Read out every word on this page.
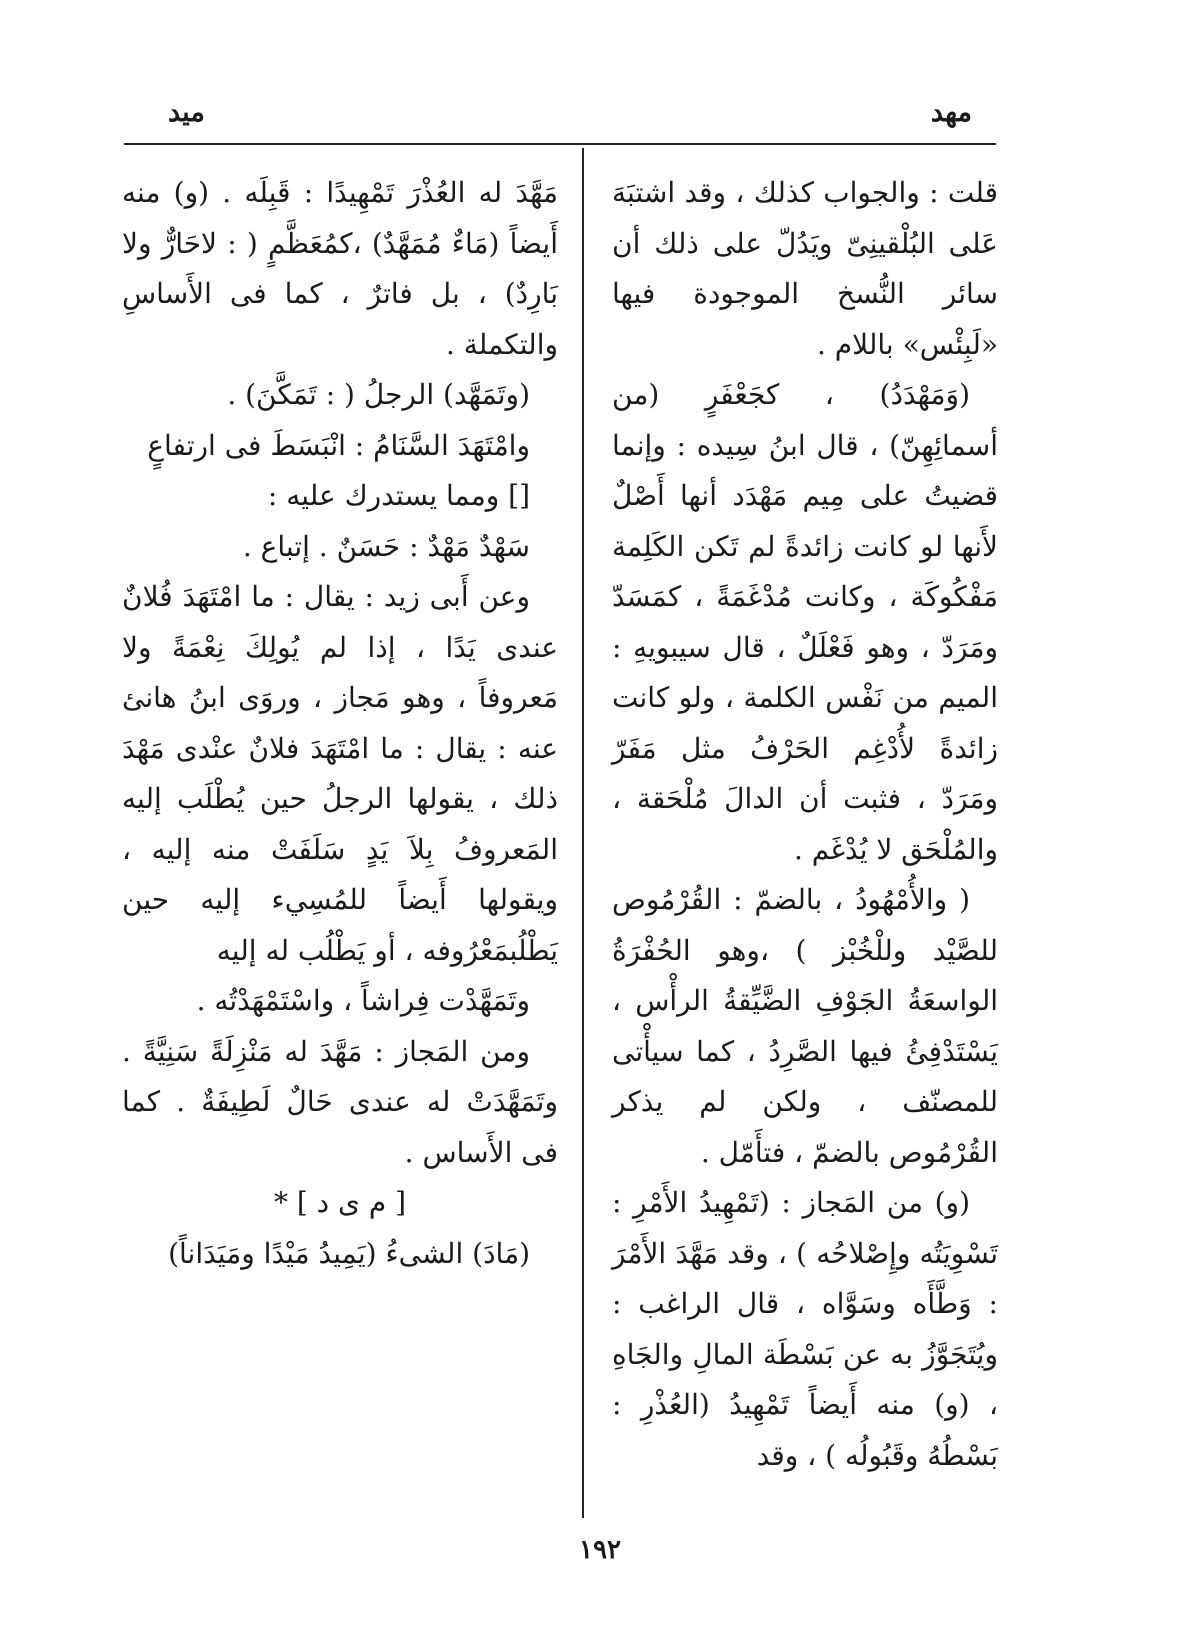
مهد
ميد

قلت : والجواب كذلك ، وقد اشتبَهَ عَلى البُلْقينِىّ ويَدُلّ على ذلك أن سائر النُّسخ الموجودة فيها «لَبِئْس» باللام .

(وَمَهْدَدُ) ، كجَعْفَرٍ (من أسمائِهِنّ) ، قال ابنُ سِيده : وإنما قضيتُ على مِيم مَهْدَد أنها أَصْلٌ لأَنها لو كانت زائدةً لم تَكن الكَلِمة مَفْكُوكَة ، وكانت مُدْغَمَةً ، كمَسَدّ ومَرَدّ ، وهو فَعْلَلٌ ، قال سيبويهِ : الميم من نَفْس الكلمة ، ولو كانت زائدةً لأُدْغِم الحَرْفُ مثل مَفَرّ ومَرَدّ ، فثبت أن الدالَ مُلْحَقة ، والمُلْحَق لا يُدْغَم .

( والأُمْهُودُ ، بالضمّ : القُرْمُوص للصَّيْد وللْخُبْز ) ،وهو الحُفْرَةُ الواسعَةُ الجَوْفِ الضَّيِّقةُ الرأْس ، يَسْتَدْفِئُ فيها الصَّرِدُ ، كما سيأْتى للمصنّف ، ولكن لم يذكر القُرْمُوص بالضمّ ، فتأَمّل .

(و) من المَجاز : (تَمْهِيدُ الأَمْرِ : تَسْوِيَتُه وإِصْلاحُه ) ، وقد مَهَّدَ الأَمْرَ : وَطَّأَه وسَوَّاه ، قال الراغب : ويُتَجَوَّزُ به عن بَسْطَة المالِ والجَاهِ ، (و) منه أَيضاً تَمْهِيدُ (العُذْرِ : بَسْطُهُ وقَبُولُه ) ، وقد

مَهَّدَ له العُذْرَ تَمْهِيدًا : قَبِلَه . (و) منه أَيضاً (مَاءٌ مُمَهَّدٌ) ،كمُعَظَّمٍ ( : لاحَارٌّ ولا بَارِدٌ) ، بل فاترٌ ، كما فى الأَساسِ والتكملة .

(وتَمَهَّد) الرجلُ ( : تَمَكَّنَ) .

وامْتَهَدَ السَّنَامُ : انْبَسَطَ فى ارتفاعٍ

[] ومما يستدرك عليه :

سَهْدٌ مَهْدٌ : حَسَنٌ . إتباع .

وعن أَبى زيد : يقال : ما امْتَهَدَ فُلانٌ عندى يَدًا ، إذا لم يُولِكَ نِعْمَةً ولا مَعروفاً ، وهو مَجاز ، وروَى ابنُ هانئ عنه : يقال : ما امْتَهَدَ فلانٌ عنْدى مَهْدَ ذلك ، يقولها الرجلُ حين يُطْلَب إليه المَعروفُ بِلاَ يَدٍ سَلَفَتْ منه إليه ، ويقولها أَيضاً للمُسِيء إليه حين يَطْلُبمَعْرُوفه ، أو يَطْلُب له إليه

وتَمَهَّدْت فِراشاً ، واسْتَمْهَدْتُه .

ومن المَجاز : مَهَّدَ له مَنْزِلَةً سَنِيَّةً . وتَمَهَّدَتْ له عندى حَالٌ لَطِيفَةٌ . كما فى الأَساس .

[ م ى د ] *

(مَادَ) الشىءُ (يَمِيدُ مَيْدًا ومَيَدَاناً)

١٩٢
